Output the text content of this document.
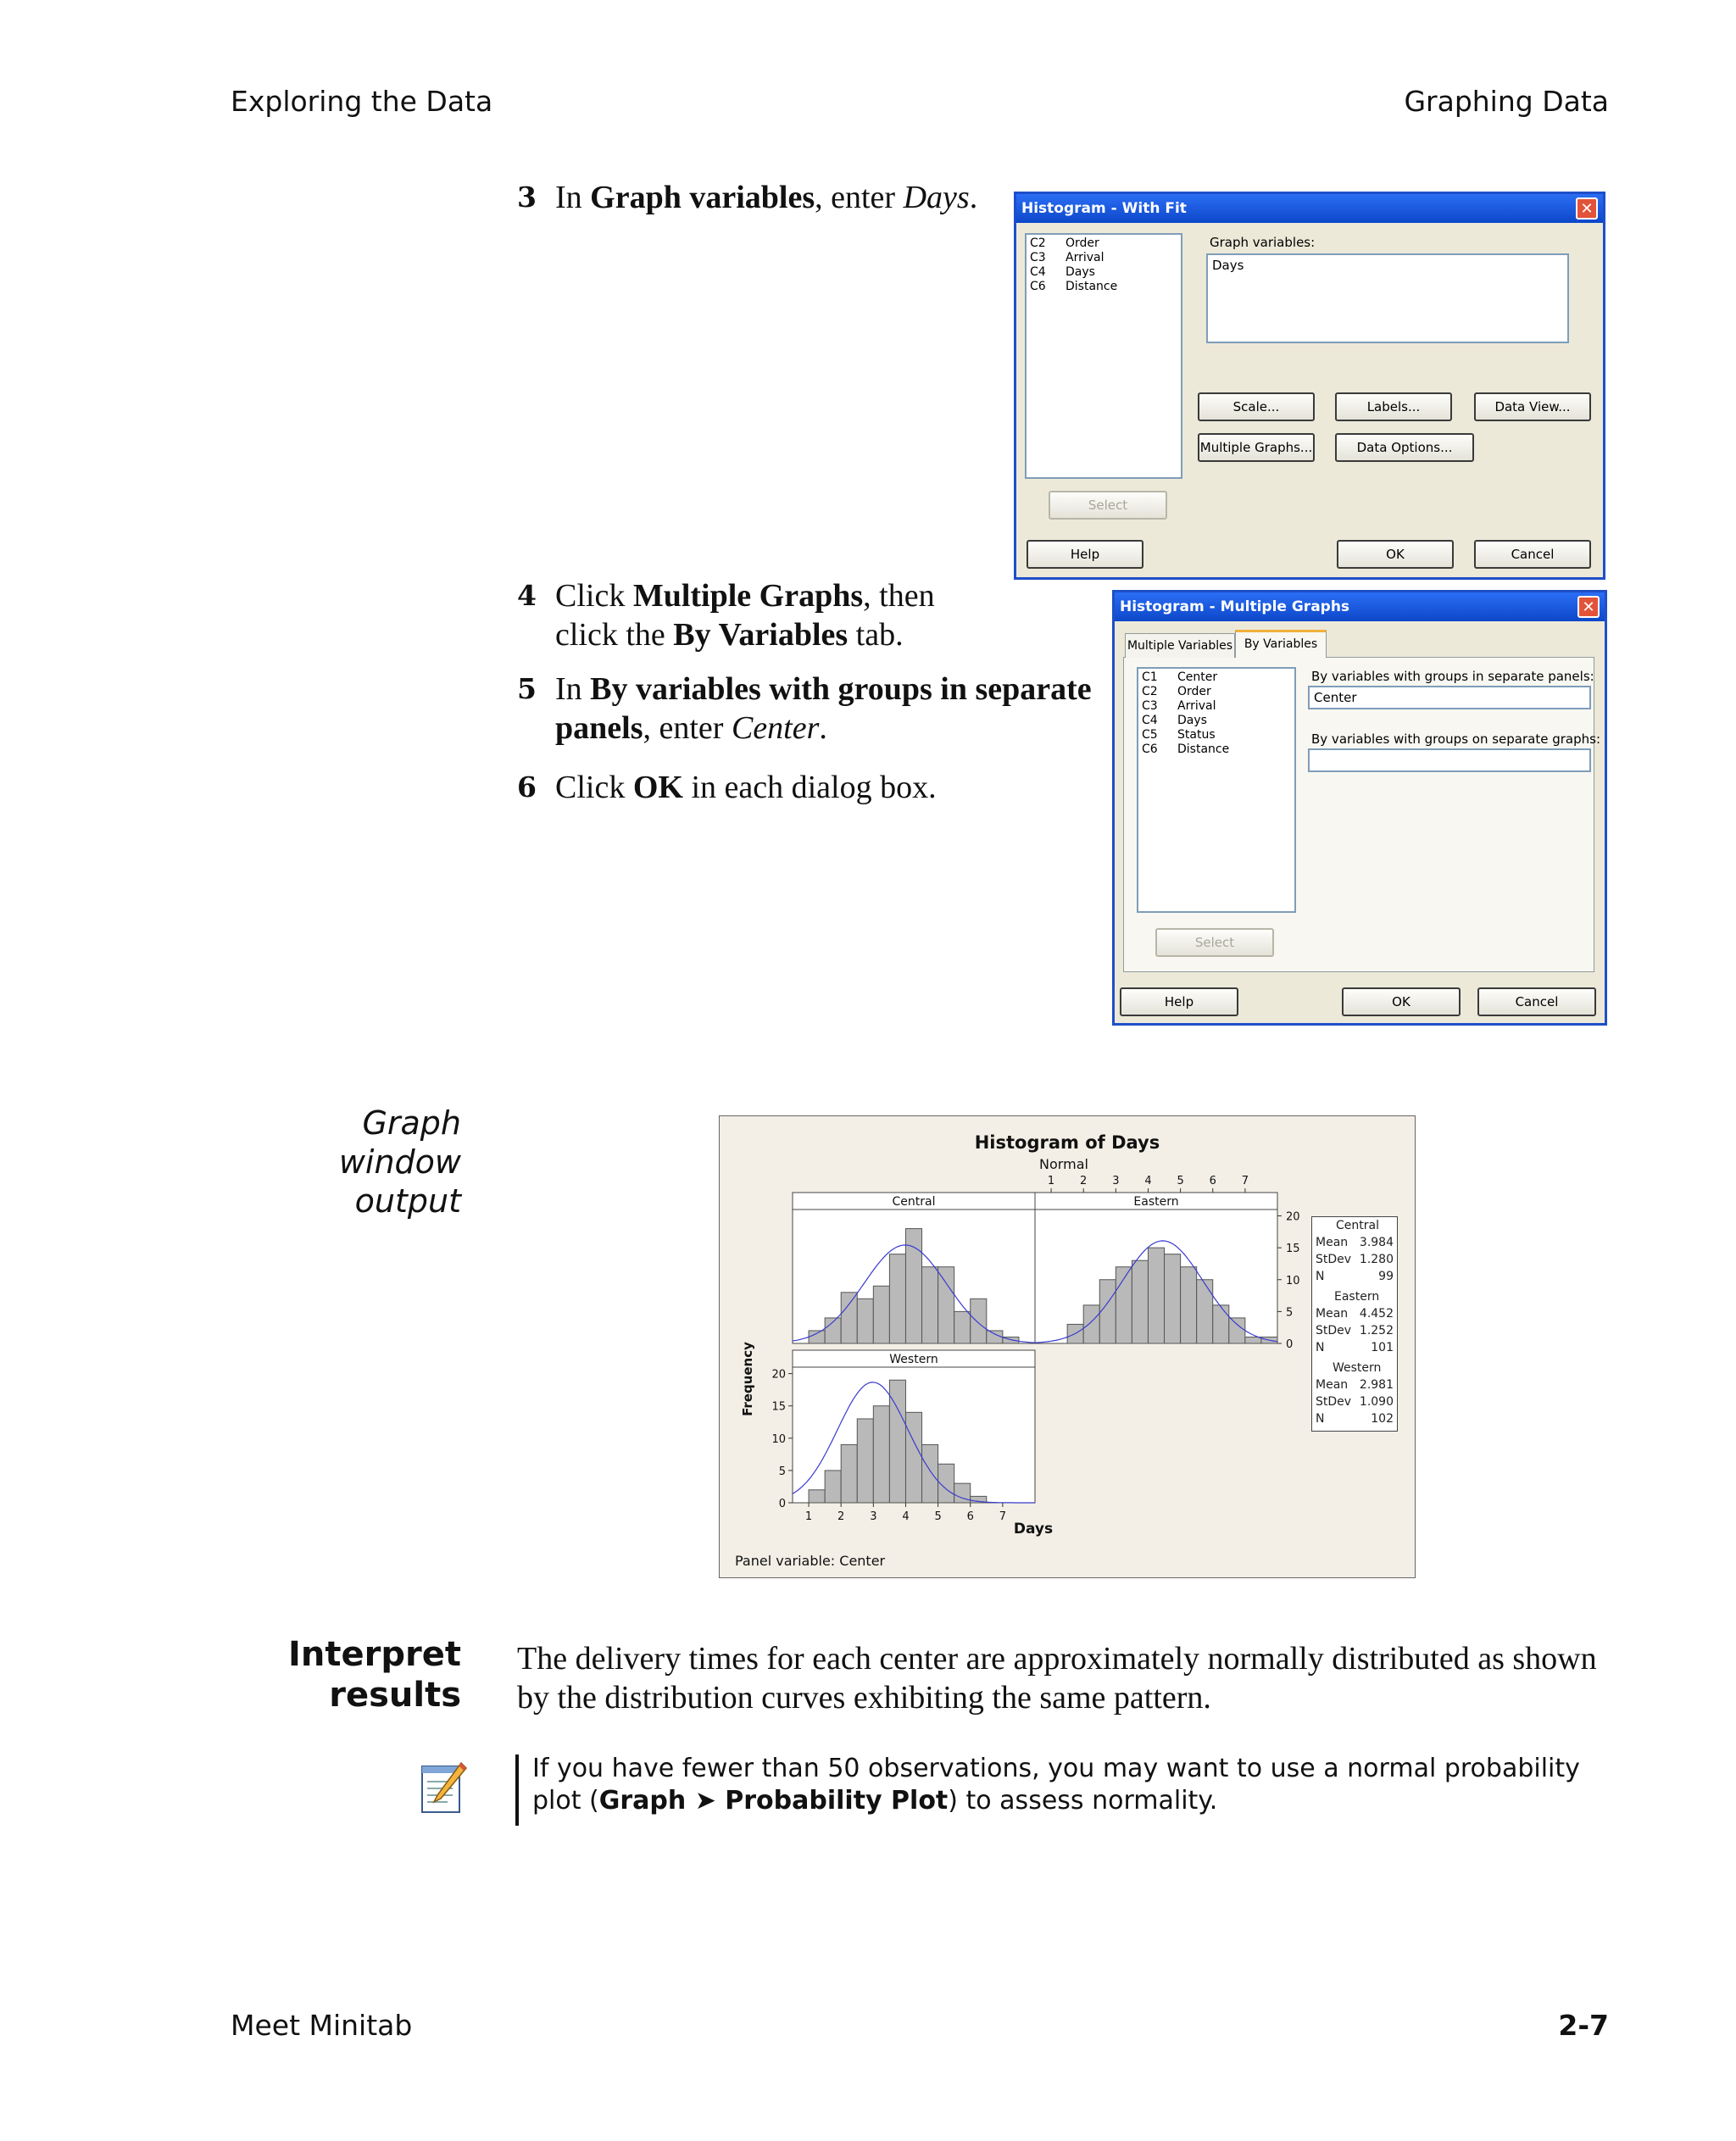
Exploring the Data	Graphing Data
3 In Graph variables, enter Days.	Histogram - With Fit	✕
C2 Order
C3 Arrival
C4 Days
C6 Distance
Graph variables:
Days
Scale...	Labels...	Data View...
Multiple Graphs...	Data Options...
Select
Help	OK	Cancel
4 Click Multiple Graphs, then
click the By Variables tab.
5 In By variables with groups in separate
panels, enter Center.
6 Click OK in each dialog box.
Histogram - Multiple Graphs	✕
Multiple Variables By Variables
C1 Center
C2 Order
C3 Arrival
C4 Days
C5 Status
C6 Distance
By variables with groups in separate panels:
Center
By variables with groups on separate graphs:
Select
Help	OK	Cancel
Graph
window
output
Histogram of Days
Normal
Frequency
Days
Panel variable: Center
Central	Eastern
Western
0
5
10
15
20
0
5
10
15
20
1 2 3 4 5 6 7
1 2 3 4 5 6 7
Central
Mean 3.984
StDev 1.280
N	99
Eastern
Mean 4.452
StDev 1.252
N	101
Western
Mean 2.981
StDev 1.090
N	102
Interpret
results
The delivery times for each center are approximately normally distributed as shown by the distribution curves exhibiting the same pattern.
If you have fewer than 50 observations, you may want to use a normal probability plot (Graph ➤ Probability Plot) to assess normality.
Meet Minitab	2-7
